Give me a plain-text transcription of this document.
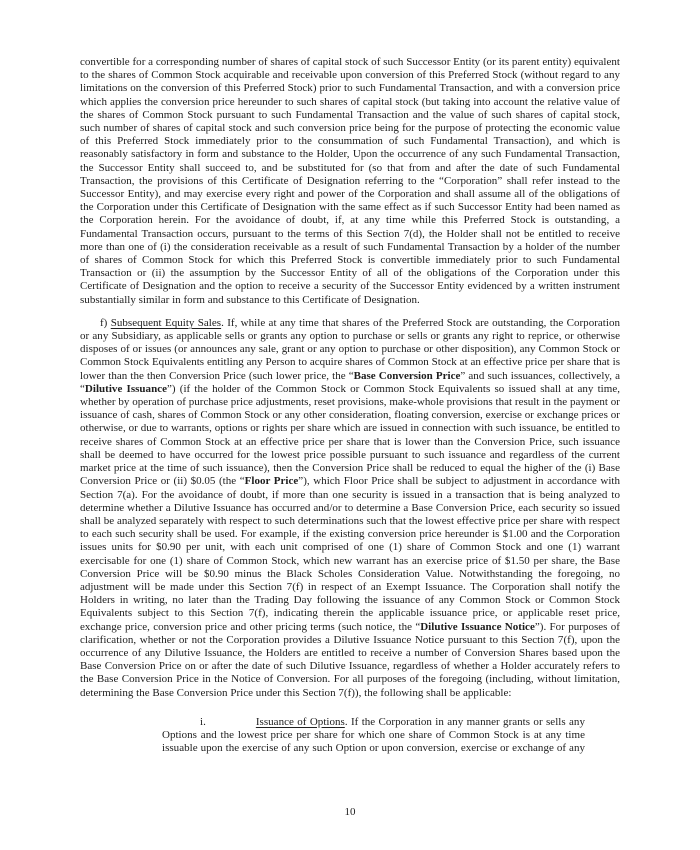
convertible for a corresponding number of shares of capital stock of such Successor Entity (or its parent entity) equivalent to the shares of Common Stock acquirable and receivable upon conversion of this Preferred Stock (without regard to any limitations on the conversion of this Preferred Stock) prior to such Fundamental Transaction, and with a conversion price which applies the conversion price hereunder to such shares of capital stock (but taking into account the relative value of the shares of Common Stock pursuant to such Fundamental Transaction and the value of such shares of capital stock, such number of shares of capital stock and such conversion price being for the purpose of protecting the economic value of this Preferred Stock immediately prior to the consummation of such Fundamental Transaction), and which is reasonably satisfactory in form and substance to the Holder, Upon the occurrence of any such Fundamental Transaction, the Successor Entity shall succeed to, and be substituted for (so that from and after the date of such Fundamental Transaction, the provisions of this Certificate of Designation referring to the “Corporation” shall refer instead to the Successor Entity), and may exercise every right and power of the Corporation and shall assume all of the obligations of the Corporation under this Certificate of Designation with the same effect as if such Successor Entity had been named as the Corporation herein. For the avoidance of doubt, if, at any time while this Preferred Stock is outstanding, a Fundamental Transaction occurs, pursuant to the terms of this Section 7(d), the Holder shall not be entitled to receive more than one of (i) the consideration receivable as a result of such Fundamental Transaction by a holder of the number of shares of Common Stock for which this Preferred Stock is convertible immediately prior to such Fundamental Transaction or (ii) the assumption by the Successor Entity of all of the obligations of the Corporation under this Certificate of Designation and the option to receive a security of the Successor Entity evidenced by a written instrument substantially similar in form and substance to this Certificate of Designation.

f) Subsequent Equity Sales. If, while at any time that shares of the Preferred Stock are outstanding, the Corporation or any Subsidiary, as applicable sells or grants any option to purchase or sells or grants any right to reprice, or otherwise disposes of or issues (or announces any sale, grant or any option to purchase or other disposition), any Common Stock or Common Stock Equivalents entitling any Person to acquire shares of Common Stock at an effective price per share that is lower than the then Conversion Price (such lower price, the “Base Conversion Price” and such issuances, collectively, a “Dilutive Issuance”) (if the holder of the Common Stock or Common Stock Equivalents so issued shall at any time, whether by operation of purchase price adjustments, reset provisions, make-whole provisions that result in the payment or issuance of cash, shares of Common Stock or any other consideration, floating conversion, exercise or exchange prices or otherwise, or due to warrants, options or rights per share which are issued in connection with such issuance, be entitled to receive shares of Common Stock at an effective price per share that is lower than the Conversion Price, such issuance shall be deemed to have occurred for the lowest price possible pursuant to such issuance and regardless of the current market price at the time of such issuance), then the Conversion Price shall be reduced to equal the higher of the (i) Base Conversion Price or (ii) $0.05 (the “Floor Price”), which Floor Price shall be subject to adjustment in accordance with Section 7(a). For the avoidance of doubt, if more than one security is issued in a transaction that is being analyzed to determine whether a Dilutive Issuance has occurred and/or to determine a Base Conversion Price, each security so issued shall be analyzed separately with respect to such determinations such that the lowest effective price per share with respect to each such security shall be used. For example, if the existing conversion price hereunder is $1.00 and the Corporation issues units for $0.90 per unit, with each unit comprised of one (1) share of Common Stock and one (1) warrant exercisable for one (1) share of Common Stock, which new warrant has an exercise price of $1.50 per share, the Base Conversion Price will be $0.90 minus the Black Scholes Consideration Value. Notwithstanding the foregoing, no adjustment will be made under this Section 7(f) in respect of an Exempt Issuance. The Corporation shall notify the Holders in writing, no later than the Trading Day following the issuance of any Common Stock or Common Stock Equivalents subject to this Section 7(f), indicating therein the applicable issuance price, or applicable reset price, exchange price, conversion price and other pricing terms (such notice, the “Dilutive Issuance Notice”). For purposes of clarification, whether or not the Corporation provides a Dilutive Issuance Notice pursuant to this Section 7(f), upon the occurrence of any Dilutive Issuance, the Holders are entitled to receive a number of Conversion Shares based upon the Base Conversion Price on or after the date of such Dilutive Issuance, regardless of whether a Holder accurately refers to the Base Conversion Price in the Notice of Conversion. For all purposes of the foregoing (including, without limitation, determining the Base Conversion Price under this Section 7(f)), the following shall be applicable:

i.	Issuance of Options. If the Corporation in any manner grants or sells any Options and the lowest price per share for which one share of Common Stock is at any time issuable upon the exercise of any such Option or upon conversion, exercise or exchange of any

10
